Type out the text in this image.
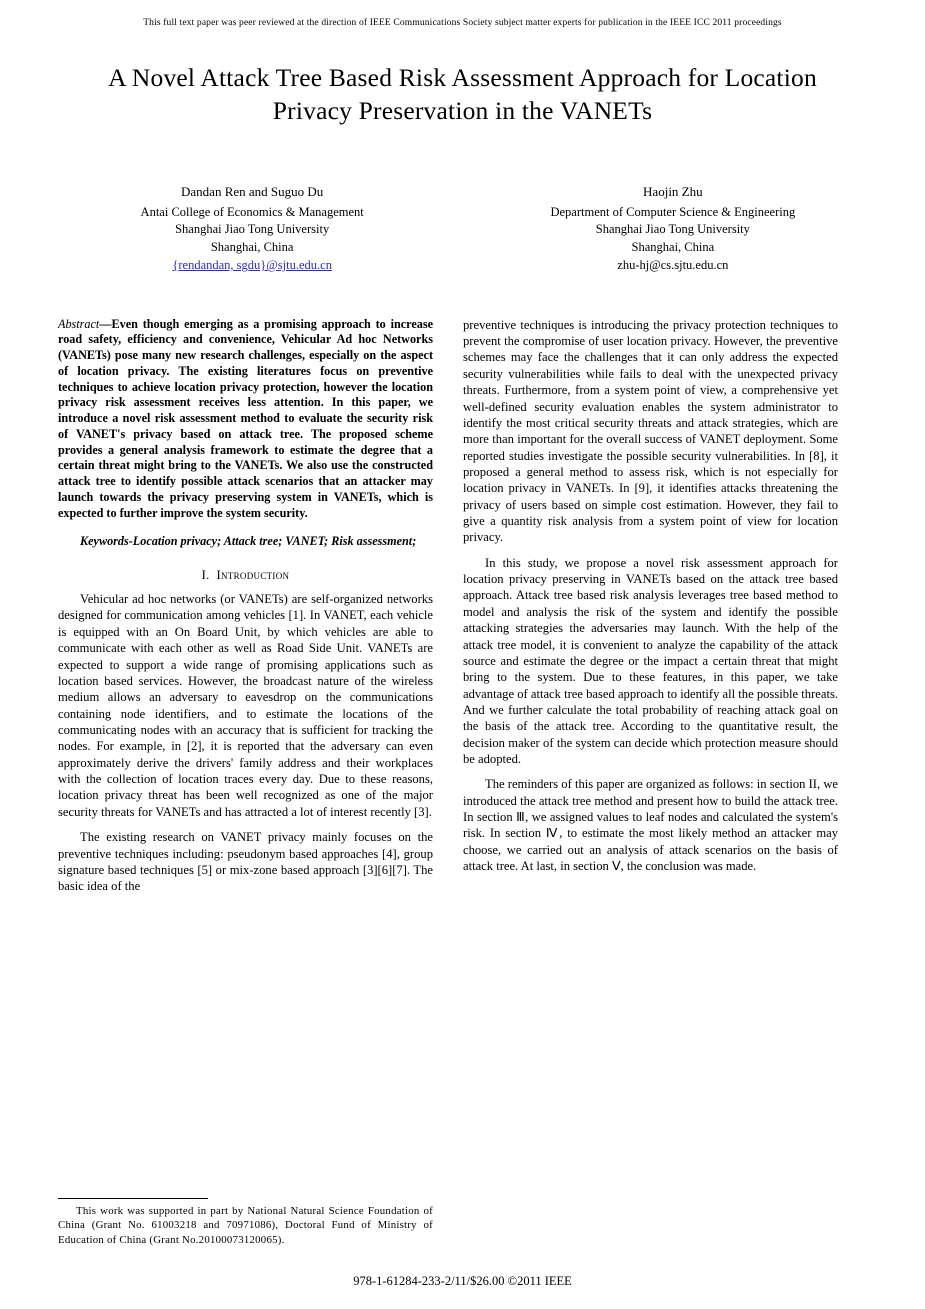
This full text paper was peer reviewed at the direction of IEEE Communications Society subject matter experts for publication in the IEEE ICC 2011 proceedings
A Novel Attack Tree Based Risk Assessment Approach for Location Privacy Preservation in the VANETs
Dandan Ren and Suguo Du
Antai College of Economics & Management
Shanghai Jiao Tong University
Shanghai, China
{rendandan, sgdu}@sjtu.edu.cn
Haojin Zhu
Department of Computer Science & Engineering
Shanghai Jiao Tong University
Shanghai, China
zhu-hj@cs.sjtu.edu.cn
Abstract—Even though emerging as a promising approach to increase road safety, efficiency and convenience, Vehicular Ad hoc Networks (VANETs) pose many new research challenges, especially on the aspect of location privacy. The existing literatures focus on preventive techniques to achieve location privacy protection, however the location privacy risk assessment receives less attention. In this paper, we introduce a novel risk assessment method to evaluate the security risk of VANET's privacy based on attack tree. The proposed scheme provides a general analysis framework to estimate the degree that a certain threat might bring to the VANETs. We also use the constructed attack tree to identify possible attack scenarios that an attacker may launch towards the privacy preserving system in VANETs, which is expected to further improve the system security.
Keywords-Location privacy; Attack tree; VANET; Risk assessment;
I. Introduction

Vehicular ad hoc networks (or VANETs) are self-organized networks designed for communication among vehicles [1]. In VANET, each vehicle is equipped with an On Board Unit, by which vehicles are able to communicate with each other as well as Road Side Unit. VANETs are expected to support a wide range of promising applications such as location based services. However, the broadcast nature of the wireless medium allows an adversary to eavesdrop on the communications containing node identifiers, and to estimate the locations of the communicating nodes with an accuracy that is sufficient for tracking the nodes. For example, in [2], it is reported that the adversary can even approximately derive the drivers' family address and their workplaces with the collection of location traces every day. Due to these reasons, location privacy threat has been well recognized as one of the major security threats for VANETs and has attracted a lot of interest recently [3].

The existing research on VANET privacy mainly focuses on the preventive techniques including: pseudonym based approaches [4], group signature based techniques [5] or mix-zone based approach [3][6][7]. The basic idea of the

preventive techniques is introducing the privacy protection techniques to prevent the compromise of user location privacy. However, the preventive schemes may face the challenges that it can only address the expected security vulnerabilities while fails to deal with the unexpected privacy threats. Furthermore, from a system point of view, a comprehensive yet well-defined security evaluation enables the system administrator to identify the most critical security threats and attack strategies, which are more than important for the overall success of VANET deployment. Some reported studies investigate the possible security vulnerabilities. In [8], it proposed a general method to assess risk, which is not especially for location privacy in VANETs. In [9], it identifies attacks threatening the privacy of users based on simple cost estimation. However, they fail to give a quantity risk analysis from a system point of view for location privacy.

In this study, we propose a novel risk assessment approach for location privacy preserving in VANETs based on the attack tree based approach. Attack tree based risk analysis leverages tree based method to model and analysis the risk of the system and identify the possible attacking strategies the adversaries may launch. With the help of the attack tree model, it is convenient to analyze the capability of the attack source and estimate the degree or the impact a certain threat that might bring to the system. Due to these features, in this paper, we take advantage of attack tree based approach to identify all the possible threats. And we further calculate the total probability of reaching attack goal on the basis of the attack tree. According to the quantitative result, the decision maker of the system can decide which protection measure should be adopted.

The reminders of this paper are organized as follows: in section II, we introduced the attack tree method and present how to build the attack tree. In section Ⅲ, we assigned values to leaf nodes and calculated the system's risk. In section Ⅳ, to estimate the most likely method an attacker may choose, we carried out an analysis of attack scenarios on the basis of attack tree. At last, in section Ⅴ, the conclusion was made.

This work was supported in part by National Natural Science Foundation of China (Grant No. 61003218 and 70971086), Doctoral Fund of Ministry of Education of China (Grant No.20100073120065).
978-1-61284-233-2/11/$26.00 ©2011 IEEE
